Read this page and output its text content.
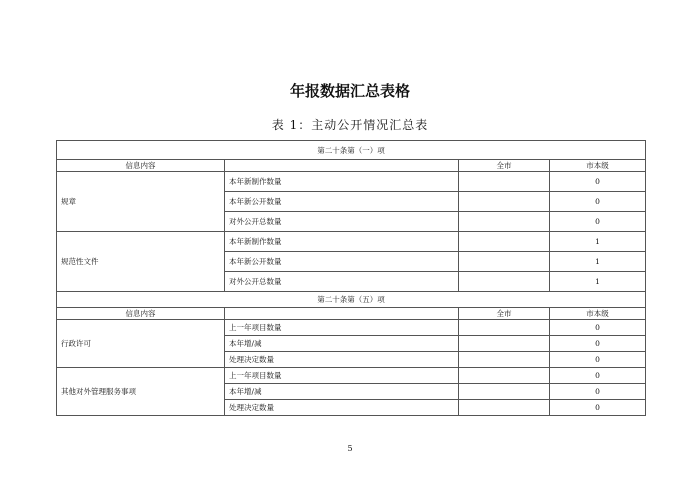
年报数据汇总表格
表 1：主动公开情况汇总表
第二十条第（一）项			
信息内容		全市	市本级
规章	本年新制作数量		0
	本年新公开数量		0
	对外公开总数量		0
规范性文件	本年新制作数量		1
	本年新公开数量		1
	对外公开总数量		1
第二十条第（五）项			
信息内容		全市	市本级
行政许可	上一年项目数量		0
	本年增/减		0
	处理决定数量		0
其他对外管理服务事项	上一年项目数量		0
	本年增/减		0
	处理决定数量		0
5
